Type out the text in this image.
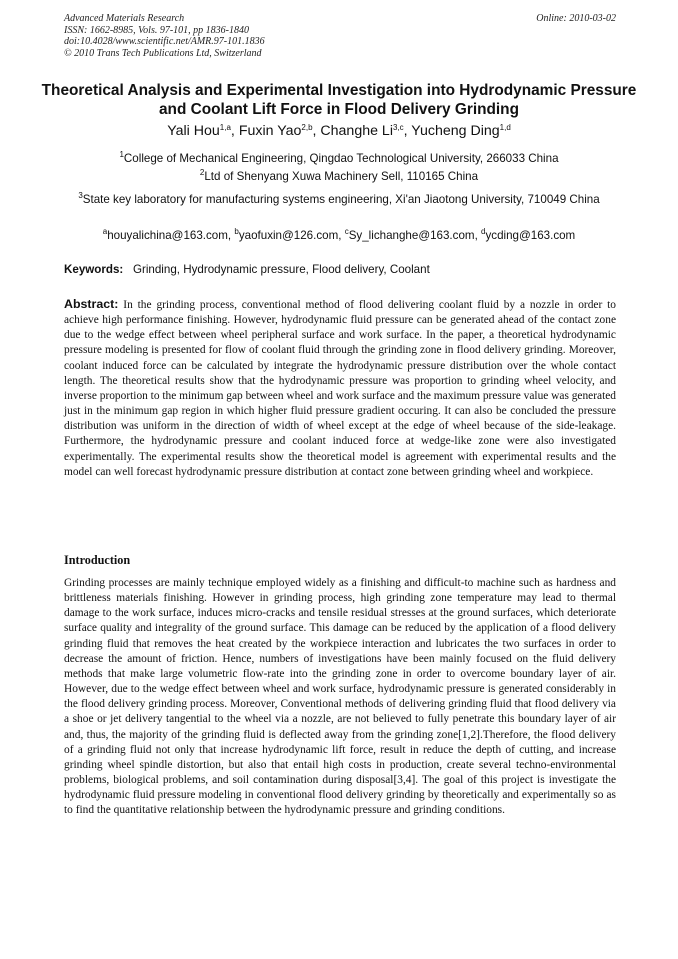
Advanced Materials Research
ISSN: 1662-8985, Vols. 97-101, pp 1836-1840
doi:10.4028/www.scientific.net/AMR.97-101.1836
© 2010 Trans Tech Publications Ltd, Switzerland
Online: 2010-03-02
Theoretical Analysis and Experimental Investigation into Hydrodynamic Pressure and Coolant Lift Force in Flood Delivery Grinding
Yali Hou$^{1,a}$, Fuxin Yao$^{2,b}$, Changhe Li$^{3,c}$, Yucheng Ding$^{1,d}$
$^1$College of Mechanical Engineering, Qingdao Technological University, 266033 China
$^2$Ltd of Shenyang Xuwa Machinery Sell, 110165 China
$^3$State key laboratory for manufacturing systems engineering, Xi'an Jiaotong University, 710049 China
$^a$houyalichina@163.com, $^b$yaofuxin@126.com, $^c$Sy_lichanghe@163.com, $^d$ycding@163.com
Keywords: Grinding, Hydrodynamic pressure, Flood delivery, Coolant
Abstract: In the grinding process, conventional method of flood delivering coolant fluid by a nozzle in order to achieve high performance finishing. However, hydrodynamic fluid pressure can be generated ahead of the contact zone due to the wedge effect between wheel peripheral surface and work surface. In the paper, a theoretical hydrodynamic pressure modeling is presented for flow of coolant fluid through the grinding zone in flood delivery grinding. Moreover, coolant induced force can be calculated by integrate the hydrodynamic pressure distribution over the whole contact length. The theoretical results show that the hydrodynamic pressure was proportion to grinding wheel velocity, and inverse proportion to the minimum gap between wheel and work surface and the maximum pressure value was generated just in the minimum gap region in which higher fluid pressure gradient occuring. It can also be concluded the pressure distribution was uniform in the direction of width of wheel except at the edge of wheel because of the side-leakage. Furthermore, the hydrodynamic pressure and coolant induced force at wedge-like zone were also investigated experimentally. The experimental results show the theoretical model is agreement with experimental results and the model can well forecast hydrodynamic pressure distribution at contact zone between grinding wheel and workpiece.
Introduction
Grinding processes are mainly technique employed widely as a finishing and difficult-to machine such as hardness and brittleness materials finishing. However in grinding process, high grinding zone temperature may lead to thermal damage to the work surface, induces micro-cracks and tensile residual stresses at the ground surfaces, which deteriorate surface quality and integrality of the ground surface. This damage can be reduced by the application of a flood delivery grinding fluid that removes the heat created by the workpiece interaction and lubricates the two surfaces in order to decrease the amount of friction. Hence, numbers of investigations have been mainly focused on the fluid delivery methods that make large volumetric flow-rate into the grinding zone in order to overcome boundary layer of air. However, due to the wedge effect between wheel and work surface, hydrodynamic pressure is generated considerably in the flood delivery grinding process. Moreover, Conventional methods of delivering grinding fluid that flood delivery via a shoe or jet delivery tangential to the wheel via a nozzle, are not believed to fully penetrate this boundary layer of air and, thus, the majority of the grinding fluid is deflected away from the grinding zone[1,2].Therefore, the flood delivery of a grinding fluid not only that increase hydrodynamic lift force, result in reduce the depth of cutting, and increase grinding wheel spindle distortion, but also that entail high costs in production, create several techno-environmental problems, biological problems, and soil contamination during disposal[3,4]. The goal of this project is investigate the hydrodynamic fluid pressure modeling in conventional flood delivery grinding by theoretically and experimentally so as to find the quantitative relationship between the hydrodynamic pressure and grinding conditions.
